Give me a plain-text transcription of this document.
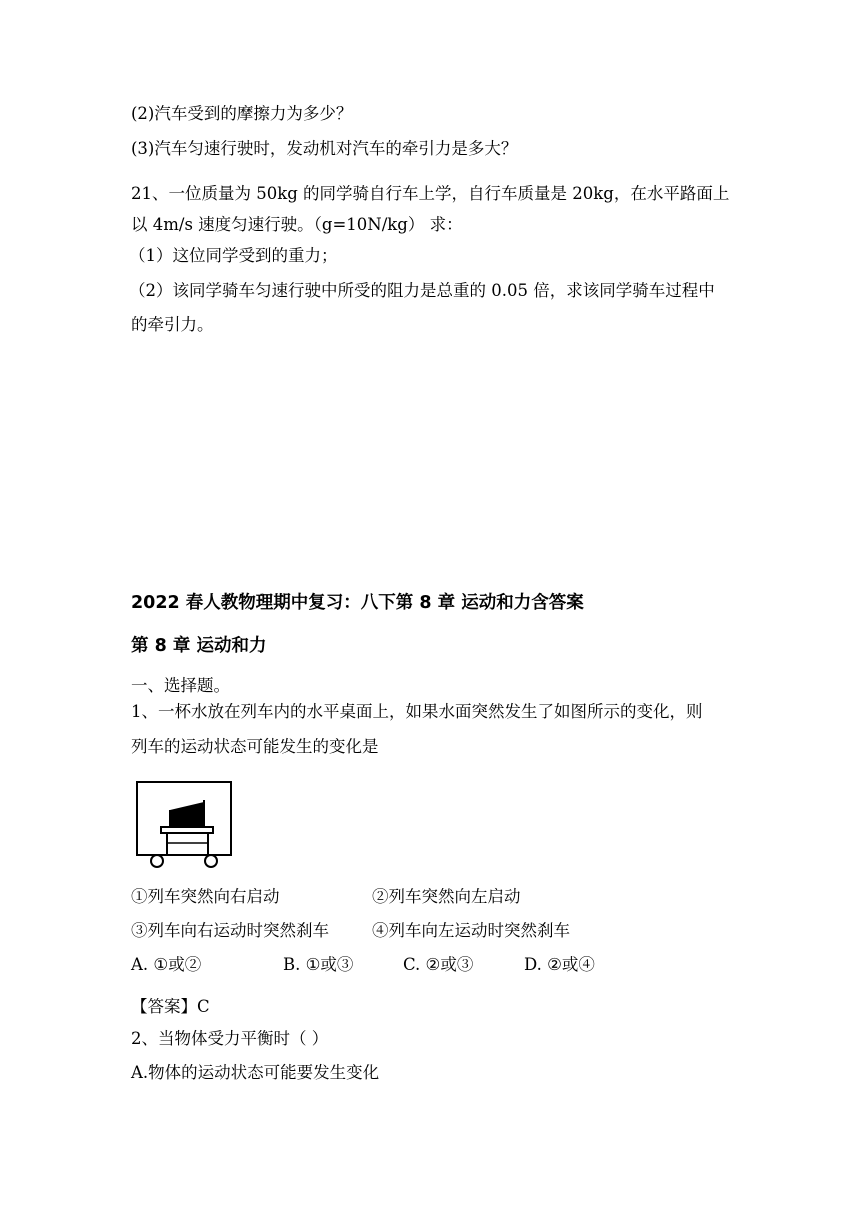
(2)汽车受到的摩擦力为多少？
(3)汽车匀速行驶时，发动机对汽车的牵引力是多大？
21、一位质量为 50kg 的同学骑自行车上学，自行车质量是 20kg，在水平路面上
以 4m/s 速度匀速行驶。（g=10N/kg） 求：
（1）这位同学受到的重力；
（2）该同学骑车匀速行驶中所受的阻力是总重的 0.05 倍，求该同学骑车过程中
的牵引力。
2022 春人教物理期中复习：八下第 8 章 运动和力含答案
第 8 章 运动和力
一、选择题。
1、一杯水放在列车内的水平桌面上，如果水面突然发生了如图所示的变化，则
列车的运动状态可能发生的变化是
①列车突然向右启动	②列车突然向左启动
③列车向右运动时突然刹车	④列车向左运动时突然刹车
A. ①或②	B. ①或③	C. ②或③	D. ②或④
【答案】C
2、当物体受力平衡时（ ）
A.物体的运动状态可能要发生变化
